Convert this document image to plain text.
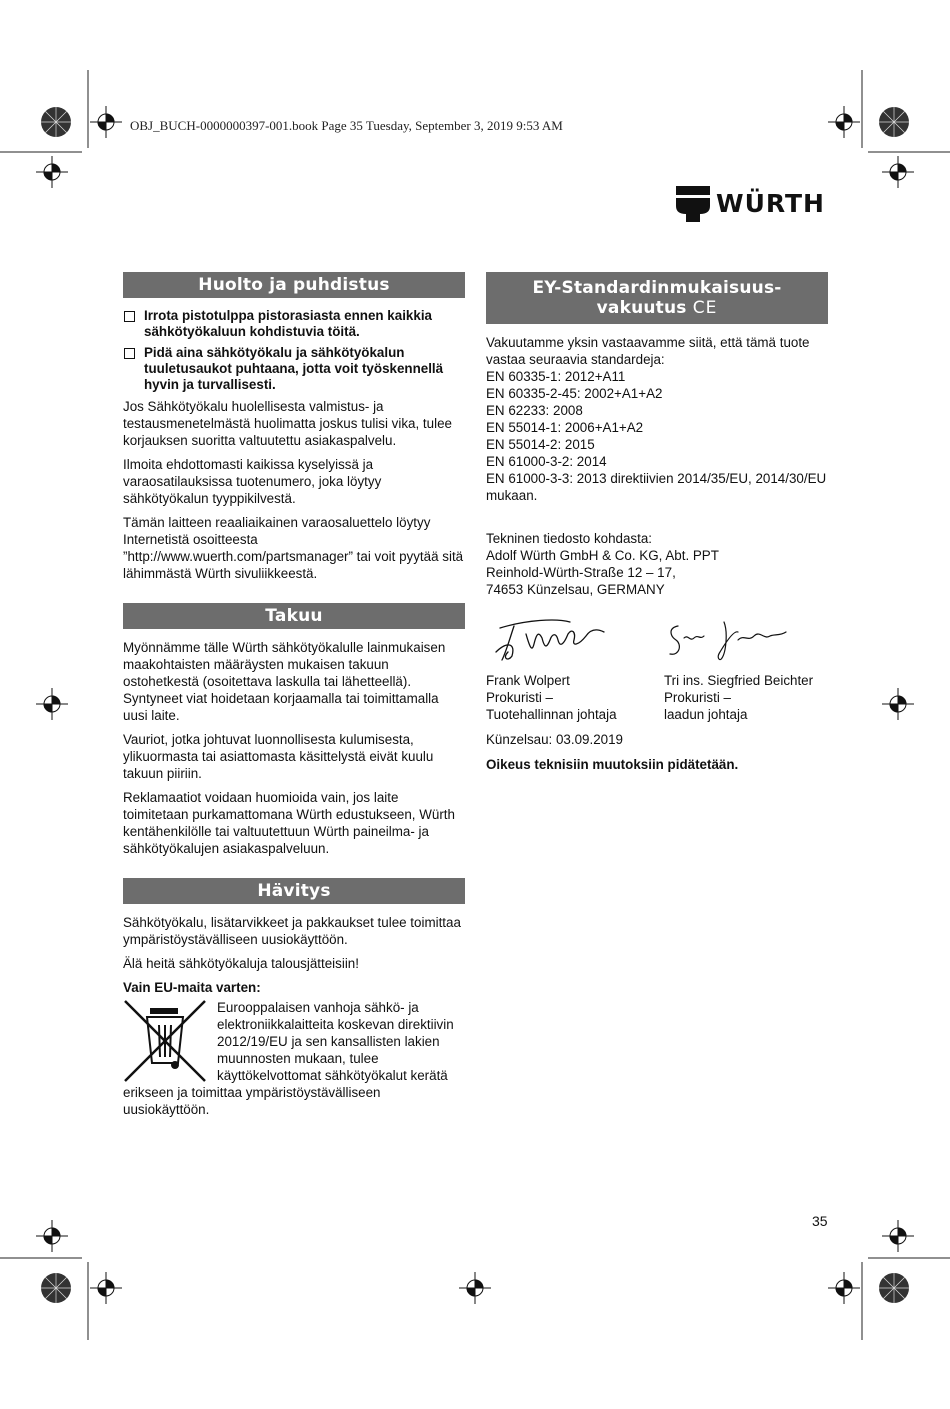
OBJ_BUCH-0000000397-001.book Page 35 Tuesday, September 3, 2019 9:53 AM
WÜRTH
Huolto ja puhdistus
Irrota pistotulppa pistorasiasta ennen kaikkia sähkötyökaluun kohdistuvia töitä.
Pidä aina sähkötyökalu ja sähkötyökalun tuuletusaukot puhtaana, jotta voit työskennellä hyvin ja turvallisesti.

Jos Sähkötyökalu huolellisesta valmistus- ja testausmenetelmästä huolimatta joskus tulisi vika, tulee korjauksen suoritta valtuutettu asiakaspalvelu.

Ilmoita ehdottomasti kaikissa kyselyissä ja varaosatilauksissa tuotenumero, joka löytyy sähkötyökalun tyyppikilvestä.

Tämän laitteen reaaliaikainen varaosaluettelo löytyy Internetistä osoitteesta ”http://www.wuerth.com/partsmanager” tai voit pyytää sitä lähimmästä Würth sivuliikkeestä.

Takuu

Myönnämme tälle Würth sähkötyökalulle lainmukaisen maakohtaisten määräysten mukaisen takuun ostohetkestä (osoitettava laskulla tai lähetteellä). Syntyneet viat hoidetaan korjaamalla tai toimittamalla uusi laite.

Vauriot, jotka johtuvat luonnollisesta kulumisesta, ylikuormasta tai asiattomasta käsittelystä eivät kuulu takuun piiriin.

Reklamaatiot voidaan huomioida vain, jos laite toimitetaan purkamattomana Würth edustukseen, Würth kentähenkilölle tai valtuutettuun Würth paineilma- ja sähkötyökalujen asiakaspalveluun.

Hävitys

Sähkötyökalu, lisätarvikkeet ja pakkaukset tulee toimittaa ympäristöystävälliseen uusiokäyttöön.

Älä heitä sähkötyökaluja talousjätteisiin!

Vain EU-maita varten:

Eurooppalaisen vanhoja sähkö- ja elektroniikkalaitteita koskevan direktiivin 2012/19/EU ja sen kansallisten lakien muunnosten mukaan, tulee käyttökelvottomat sähkötyökalut kerätä erikseen ja toimittaa ympäristöystävälliseen uusiokäyttöön.
EY-Standardinmukaisuus-
vakuutus CE
Vakuutamme yksin vastaavamme siitä, että tämä tuote vastaa seuraavia standardeja:
EN 60335-1: 2012+A11
EN 60335-2-45: 2002+A1+A2
EN 62233: 2008
EN 55014-1: 2006+A1+A2
EN 55014-2: 2015
EN 61000-3-2: 2014
EN 61000-3-3: 2013 direktiivien 2014/35/EU, 2014/30/EU mukaan.
Tekninen tiedosto kohdasta:
Adolf Würth GmbH & Co. KG, Abt. PPT
Reinhold-Würth-Straße 12 – 17,
74653 Künzelsau, GERMANY
Frank Wolpert
Prokuristi –
Tuotehallinnan johtaja
Tri ins. Siegfried Beichter
Prokuristi –
laadun johtaja
Künzelsau: 03.09.2019
Oikeus teknisiin muutoksiin pidätetään.
35
